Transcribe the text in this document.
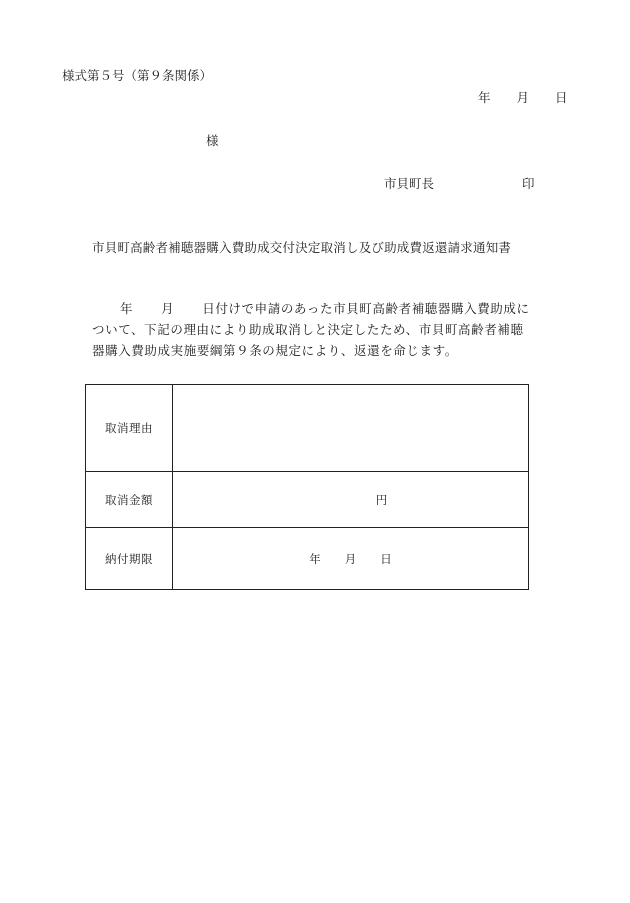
様式第５号（第９条関係）
年 月 日
様
市貝町長	印
市貝町高齢者補聴器購入費助成交付決定取消し及び助成費返還請求通知書
年 月 日付けで申請のあった市貝町高齢者補聴器購入費助成に
ついて、下記の理由により助成取消しと決定したため、市貝町高齢者補聴
器購入費助成実施要綱第９条の規定により、返還を命じます。
取消理由	
取消金額	円
納付期限	年 月 日
